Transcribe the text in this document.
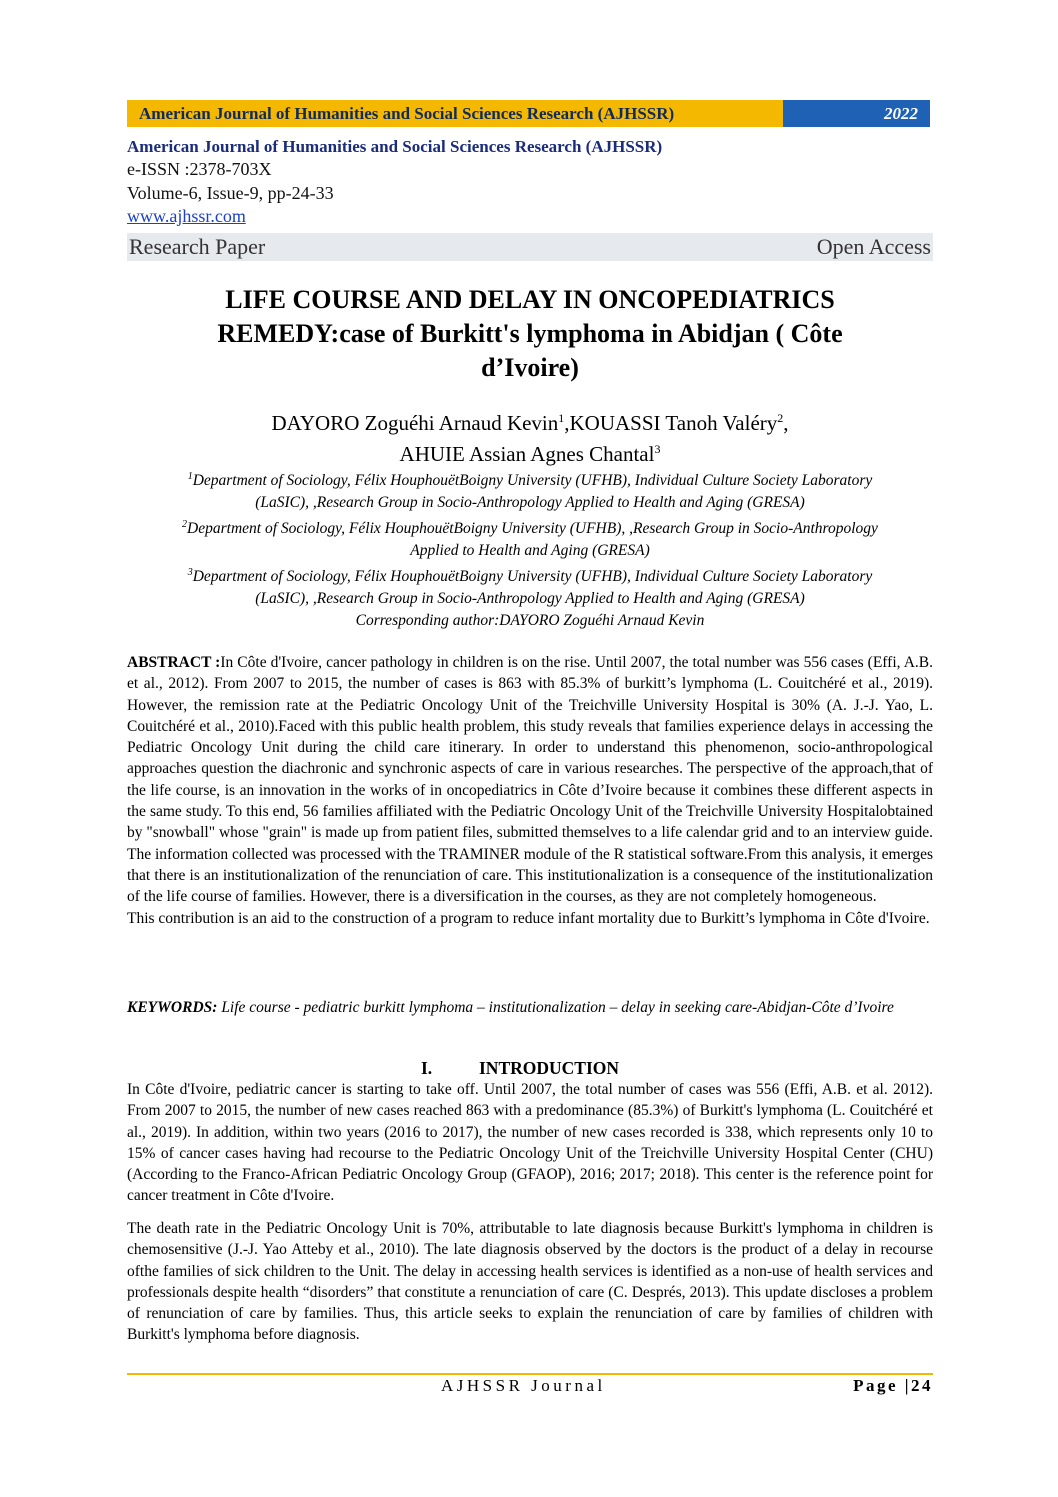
American Journal of Humanities and Social Sciences Research (AJHSSR)	2022
American Journal of Humanities and Social Sciences Research (AJHSSR)
e-ISSN :2378-703X
Volume-6, Issue-9, pp-24-33
www.ajhssr.com
Research Paper	Open Access
LIFE COURSE AND DELAY IN ONCOPEDIATRICS
REMEDY:case of Burkitt's lymphoma in Abidjan ( Côte
d’Ivoire)
DAYORO Zoguéhi Arnaud Kevin$^1$,KOUASSI Tanoh Valéry$^2$,
AHUIE Assian Agnes Chantal$^3$
$^1$Department of Sociology, Félix HouphouëtBoigny University (UFHB), Individual Culture Society Laboratory
(LaSIC), ,Research Group in Socio-Anthropology Applied to Health and Aging (GRESA)
$^2$Department of Sociology, Félix HouphouëtBoigny University (UFHB), ,Research Group in Socio-Anthropology
Applied to Health and Aging (GRESA)
$^3$Department of Sociology, Félix HouphouëtBoigny University (UFHB), Individual Culture Society Laboratory
(LaSIC), ,Research Group in Socio-Anthropology Applied to Health and Aging (GRESA)
Corresponding author:DAYORO Zoguéhi Arnaud Kevin

ABSTRACT :In Côte d'Ivoire, cancer pathology in children is on the rise. Until 2007, the total number was 556 cases (Effi, A.B. et al., 2012). From 2007 to 2015, the number of cases is 863 with 85.3% of burkitt’s lymphoma (L. Couitchéré et al., 2019). However, the remission rate at the Pediatric Oncology Unit of the Treichville University Hospital is 30% (A. J.-J. Yao, L. Couitchéré et al., 2010).Faced with this public health problem, this study reveals that families experience delays in accessing the Pediatric Oncology Unit during the child care itinerary. In order to understand this phenomenon, socio-anthropological approaches question the diachronic and synchronic aspects of care in various researches. The perspective of the approach,that of the life course, is an innovation in the works of in oncopediatrics in Côte d’Ivoire because it combines these different aspects in the same study. To this end, 56 families affiliated with the Pediatric Oncology Unit of the Treichville University Hospitalobtained by "snowball" whose "grain" is made up from patient files, submitted themselves to a life calendar grid and to an interview guide. The information collected was processed with the TRAMINER module of the R statistical software.From this analysis, it emerges that there is an institutionalization of the renunciation of care. This institutionalization is a consequence of the institutionalization of the life course of families. However, there is a diversification in the courses, as they are not completely homogeneous.

This contribution is an aid to the construction of a program to reduce infant mortality due to Burkitt’s lymphoma in Côte d'Ivoire.

KEYWORDS: Life course - pediatric burkitt lymphoma – institutionalization – delay in seeking care-Abidjan-Côte d’Ivoire
I.	INTRODUCTION

In Côte d'Ivoire, pediatric cancer is starting to take off. Until 2007, the total number of cases was 556 (Effi, A.B. et al. 2012). From 2007 to 2015, the number of new cases reached 863 with a predominance (85.3%) of Burkitt's lymphoma (L. Couitchéré et al., 2019). In addition, within two years (2016 to 2017), the number of new cases recorded is 338, which represents only 10 to 15% of cancer cases having had recourse to the Pediatric Oncology Unit of the Treichville University Hospital Center (CHU) (According to the Franco-African Pediatric Oncology Group (GFAOP), 2016; 2017; 2018). This center is the reference point for cancer treatment in Côte d'Ivoire.

The death rate in the Pediatric Oncology Unit is 70%, attributable to late diagnosis because Burkitt's lymphoma in children is chemosensitive (J.-J. Yao Atteby et al., 2010). The late diagnosis observed by the doctors is the product of a delay in recourse ofthe families of sick children to the Unit. The delay in accessing health services is identified as a non-use of health services and professionals despite health “disorders” that constitute a renunciation of care (C. Després, 2013). This update discloses a problem of renunciation of care by families. Thus, this article seeks to explain the renunciation of care by families of children with Burkitt's lymphoma before diagnosis.

AJHSSR Journal	Page |24
